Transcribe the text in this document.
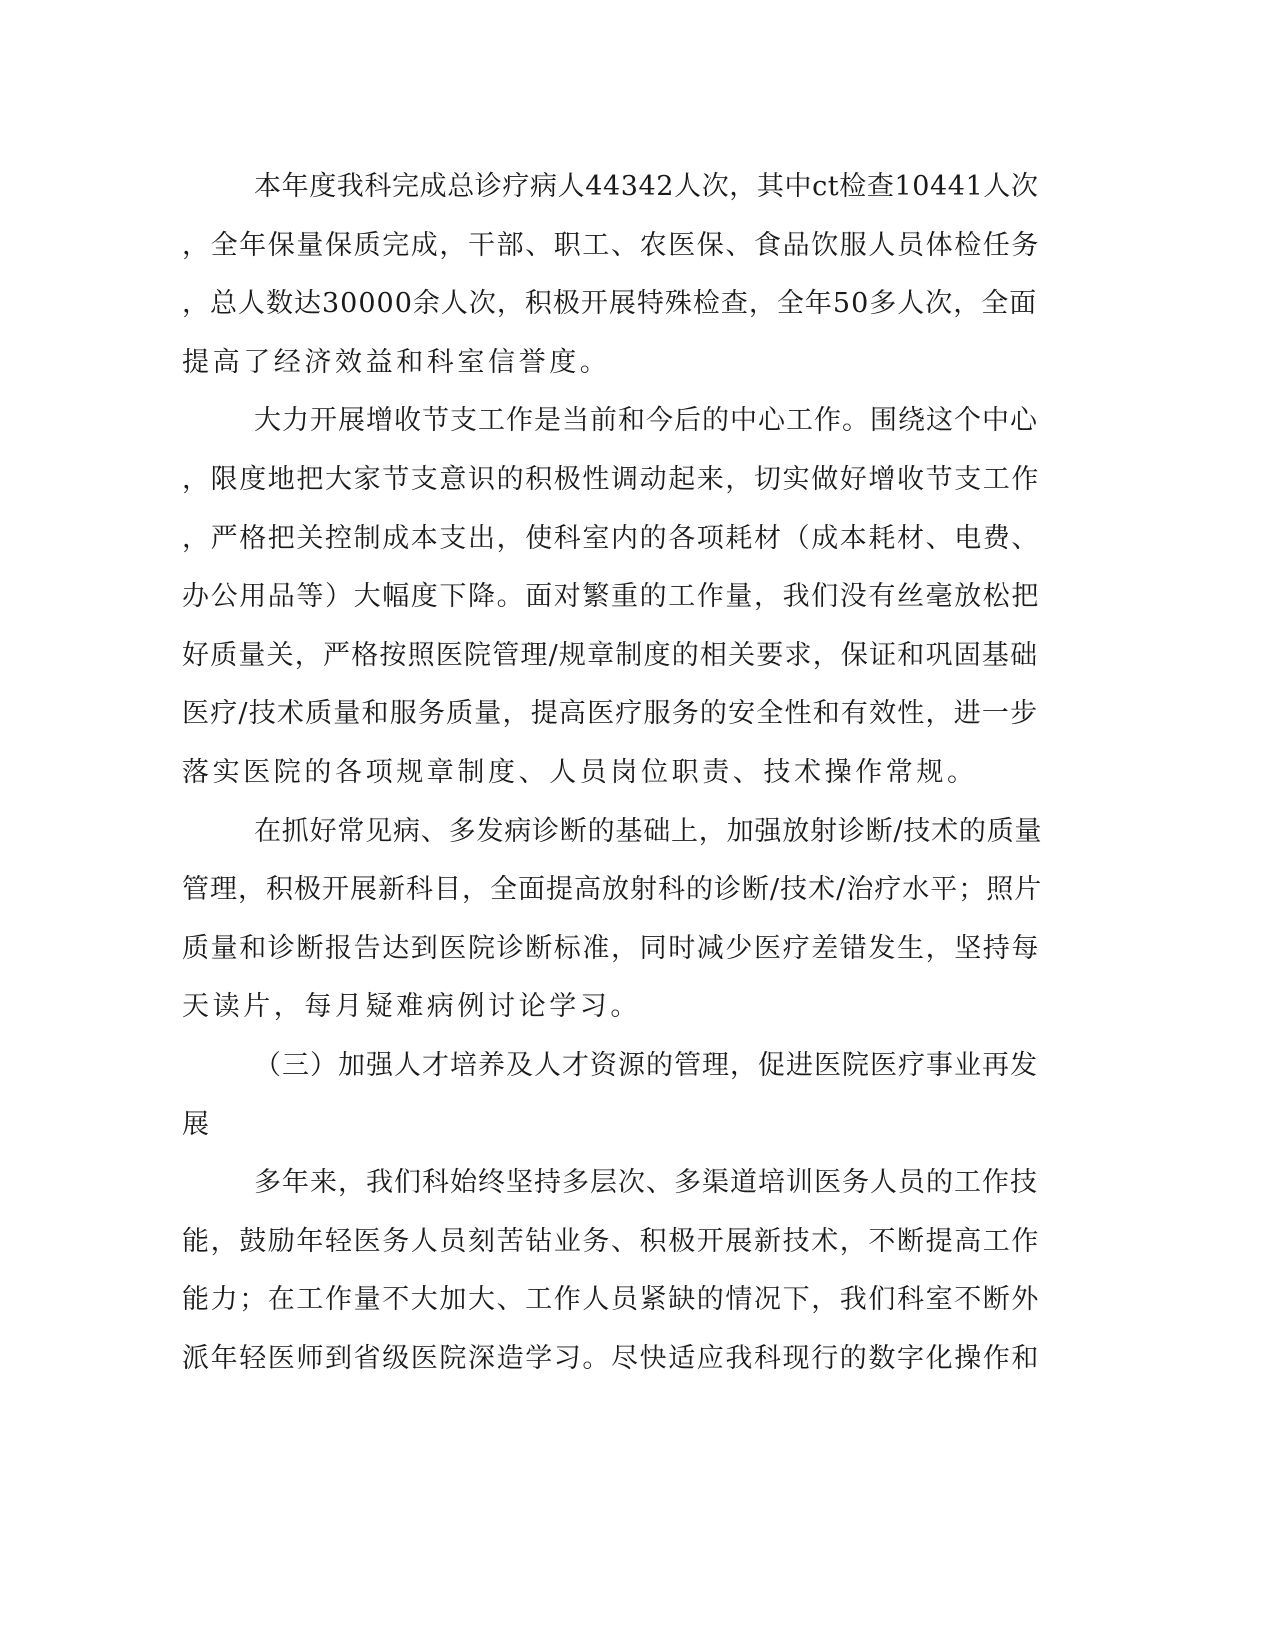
本年度我科完成总诊疗病人44342人次，其中ct检查10441人次
，全年保量保质完成，干部、职工、农医保、食品饮服人员体检任务
，总人数达30000余人次，积极开展特殊检查，全年50多人次，全面
提高了经济效益和科室信誉度。
大力开展增收节支工作是当前和今后的中心工作。围绕这个中心
，限度地把大家节支意识的积极性调动起来，切实做好增收节支工作
，严格把关控制成本支出，使科室内的各项耗材（成本耗材、电费、
办公用品等）大幅度下降。面对繁重的工作量，我们没有丝毫放松把
好质量关，严格按照医院管理/规章制度的相关要求，保证和巩固基础
医疗/技术质量和服务质量，提高医疗服务的安全性和有效性，进一步
落实医院的各项规章制度、人员岗位职责、技术操作常规。
在抓好常见病、多发病诊断的基础上，加强放射诊断/技术的质量
管理，积极开展新科目，全面提高放射科的诊断/技术/治疗水平；照片
质量和诊断报告达到医院诊断标准，同时减少医疗差错发生，坚持每
天读片，每月疑难病例讨论学习。
（三）加强人才培养及人才资源的管理，促进医院医疗事业再发
展
多年来，我们科始终坚持多层次、多渠道培训医务人员的工作技
能，鼓励年轻医务人员刻苦钻业务、积极开展新技术，不断提高工作
能力；在工作量不大加大、工作人员紧缺的情况下，我们科室不断外
派年轻医师到省级医院深造学习。尽快适应我科现行的数字化操作和
